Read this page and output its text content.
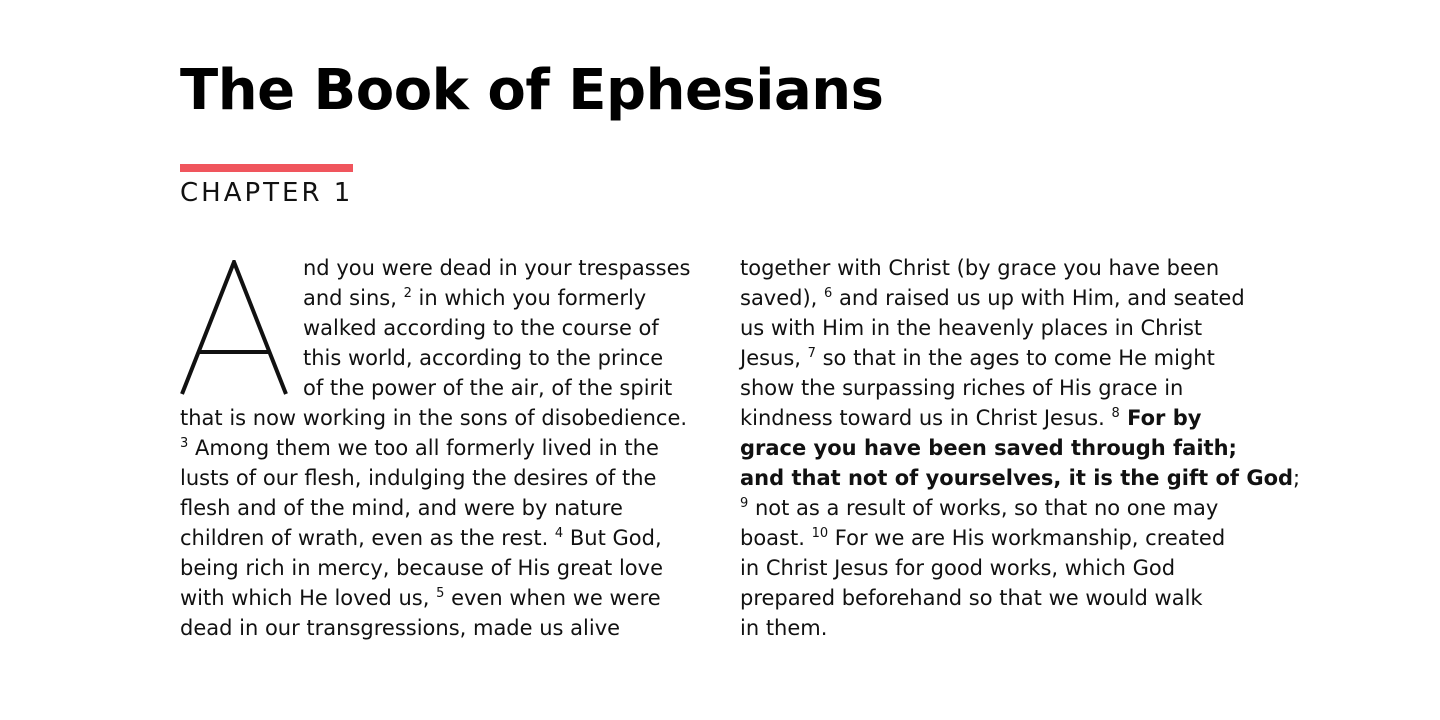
The Book of Ephesians
CHAPTER 1
nd you were dead in your trespasses
and sins, $^2$ in which you formerly
walked according to the course of
this world, according to the prince
of the power of the air, of the spirit
that is now working in the sons of disobedience.
$^3$ Among them we too all formerly lived in the
lusts of our flesh, indulging the desires of the
flesh and of the mind, and were by nature
children of wrath, even as the rest. $^4$ But God,
being rich in mercy, because of His great love
with which He loved us, $^5$ even when we were
dead in our transgressions, made us alive
together with Christ (by grace you have been
saved), $^6$ and raised us up with Him, and seated
us with Him in the heavenly places in Christ
Jesus, $^7$ so that in the ages to come He might
show the surpassing riches of His grace in
kindness toward us in Christ Jesus. $^8$ For by
grace you have been saved through faith;
and that not of yourselves, it is the gift of God;
$^9$ not as a result of works, so that no one may
boast. $^{10}$ For we are His workmanship, created
in Christ Jesus for good works, which God
prepared beforehand so that we would walk
in them.
